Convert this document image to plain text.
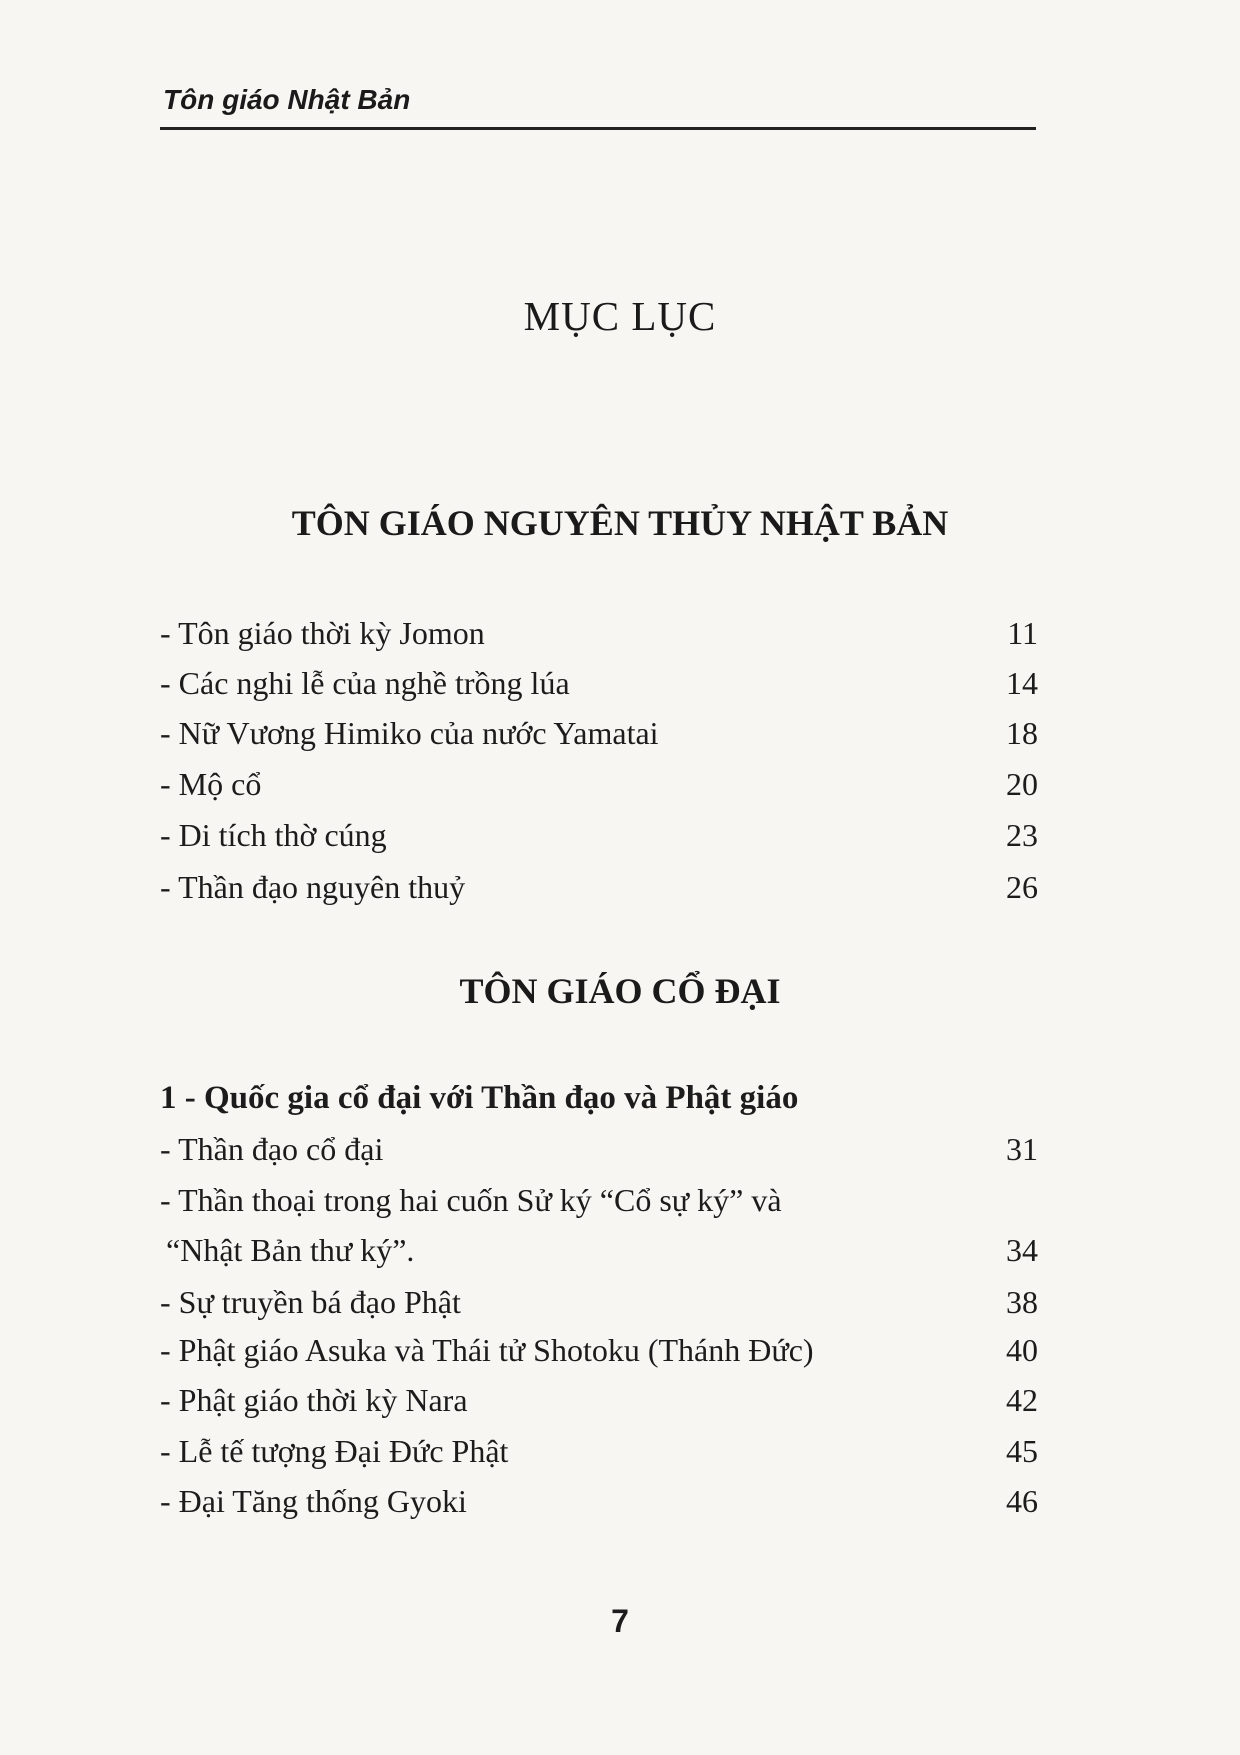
Tôn giáo Nhật Bản
MỤC LỤC
TÔN GIÁO NGUYÊN THỦY NHẬT BẢN
- Tôn giáo thời kỳ Jomon	11
- Các nghi lễ của nghề trồng lúa	14
- Nữ Vương Himiko của nước Yamatai	18
- Mộ cổ	20
- Di tích thờ cúng	23
- Thần đạo nguyên thuỷ	26
TÔN GIÁO CỔ ĐẠI
1 - Quốc gia cổ đại với Thần đạo và Phật giáo
- Thần đạo cổ đại	31
- Thần thoại trong hai cuốn Sử ký “Cổ sự ký” và
“Nhật Bản thư ký”.	34
- Sự truyền bá đạo Phật	38
- Phật giáo Asuka và Thái tử Shotoku (Thánh Đức)	40
- Phật giáo thời kỳ Nara	42
- Lễ tế tượng Đại Đức Phật	45
- Đại Tăng thống Gyoki	46
7
